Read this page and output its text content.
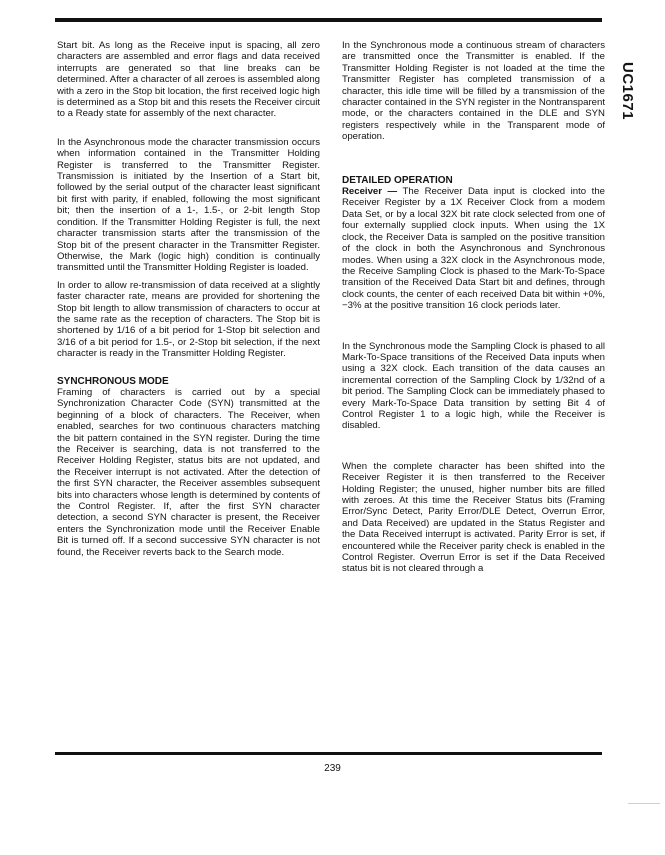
UC1671

Start bit. As long as the Receive input is spacing, all zero characters are assembled and error flags and data received interrupts are generated so that line breaks can be determined. After a character of all zeroes is assembled along with a zero in the Stop bit location, the first received logic high is determined as a Stop bit and this resets the Receiver circuit to a Ready state for assembly of the next character.

In the Asynchronous mode the character transmission occurs when information contained in the Transmitter Holding Register is transferred to the Transmitter Register. Transmission is initiated by the Insertion of a Start bit, followed by the serial output of the character least significant bit first with parity, if enabled, following the most significant bit; then the insertion of a 1-, 1.5-, or 2-bit length Stop condition. If the Transmitter Holding Register is full, the next character transmission starts after the transmission of the Stop bit of the present character in the Transmitter Register. Otherwise, the Mark (logic high) condition is continually transmitted until the Transmitter Holding Register is loaded.

In order to allow re-transmission of data received at a slightly faster character rate, means are provided for shortening the Stop bit length to allow transmission of characters to occur at the same rate as the reception of characters. The Stop bit is shortened by 1/16 of a bit period for 1-Stop bit selection and 3/16 of a bit period for 1.5-, or 2-Stop bit selection, if the next character is ready in the Transmitter Holding Register.

SYNCHRONOUS MODE

Framing of characters is carried out by a special Synchronization Character Code (SYN) transmitted at the beginning of a block of characters. The Receiver, when enabled, searches for two continuous characters matching the bit pattern contained in the SYN register. During the time the Receiver is searching, data is not transferred to the Receiver Holding Register, status bits are not updated, and the Receiver interrupt is not activated. After the detection of the first SYN character, the Receiver assembles subsequent bits into characters whose length is determined by contents of the Control Register. If, after the first SYN character detection, a second SYN character is present, the Receiver enters the Synchronization mode until the Receiver Enable Bit is turned off. If a second successive SYN character is not found, the Receiver reverts back to the Search mode.

In the Synchronous mode a continuous stream of characters are transmitted once the Transmitter is enabled. If the Transmitter Holding Register is not loaded at the time the Transmitter Register has completed transmission of a character, this idle time will be filled by a transmission of the character contained in the SYN register in the Nontransparent mode, or the characters contained in the DLE and SYN registers respectively while in the Transparent mode of operation.

DETAILED OPERATION

Receiver — The Receiver Data input is clocked into the Receiver Register by a 1X Receiver Clock from a modem Data Set, or by a local 32X bit rate clock selected from one of four externally supplied clock inputs. When using the 1X clock, the Receiver Data is sampled on the positive transition of the clock in both the Asynchronous and Synchronous modes. When using a 32X clock in the Asynchronous mode, the Receive Sampling Clock is phased to the Mark-To-Space transition of the Received Data Start bit and defines, through clock counts, the center of each received Data bit within +0%, −3% at the positive transition 16 clock periods later.

In the Synchronous mode the Sampling Clock is phased to all Mark-To-Space transitions of the Received Data inputs when using a 32X clock. Each transition of the data causes an incremental correction of the Sampling Clock by 1/32nd of a bit period. The Sampling Clock can be immediately phased to every Mark-To-Space Data transition by setting Bit 4 of Control Register 1 to a logic high, while the Receiver is disabled.

When the complete character has been shifted into the Receiver Register it is then transferred to the Receiver Holding Register; the unused, higher number bits are filled with zeroes. At this time the Receiver Status bits (Framing Error/Sync Detect, Parity Error/DLE Detect, Overrun Error, and Data Received) are updated in the Status Register and the Data Received interrupt is activated. Parity Error is set, if encountered while the Receiver parity check is enabled in the Control Register. Overrun Error is set if the Data Received status bit is not cleared through a

239
